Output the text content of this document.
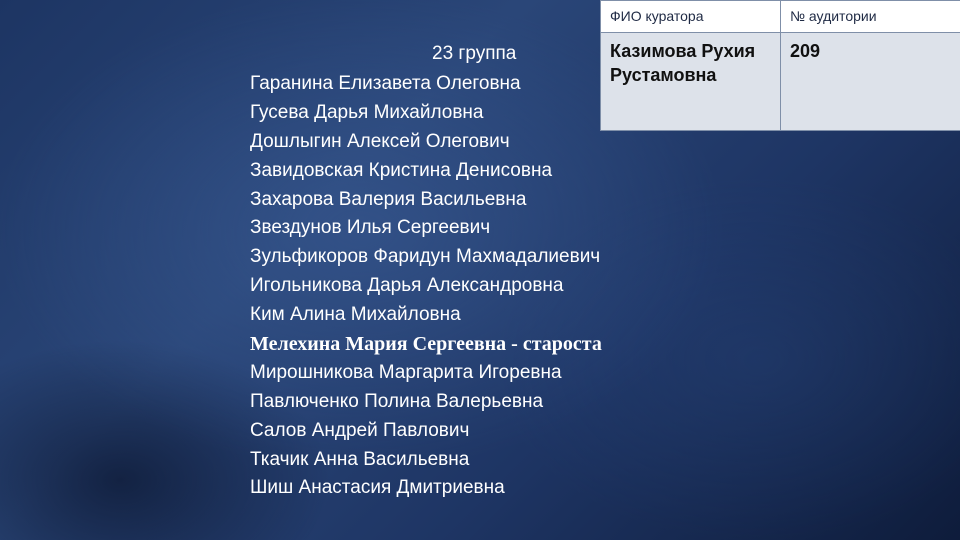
23 группа
Гаранина Елизавета Олеговна
Гусева Дарья Михайловна
Дошлыгин Алексей Олегович
Завидовская Кристина Денисовна
Захарова Валерия Васильевна
Звездунов Илья Сергеевич
Зульфикоров Фаридун Махмадалиевич
Игольникова Дарья Александровна
Ким Алина Михайловна
Мелехина Мария Сергеевна - староста
Мирошникова Маргарита Игоревна
Павлюченко Полина Валерьевна
Салов Андрей Павлович
Ткачик Анна Васильевна
Шиш Анастасия Дмитриевна
ФИО куратора	№ аудитории
Казимова Рухия Рустамовна	209
